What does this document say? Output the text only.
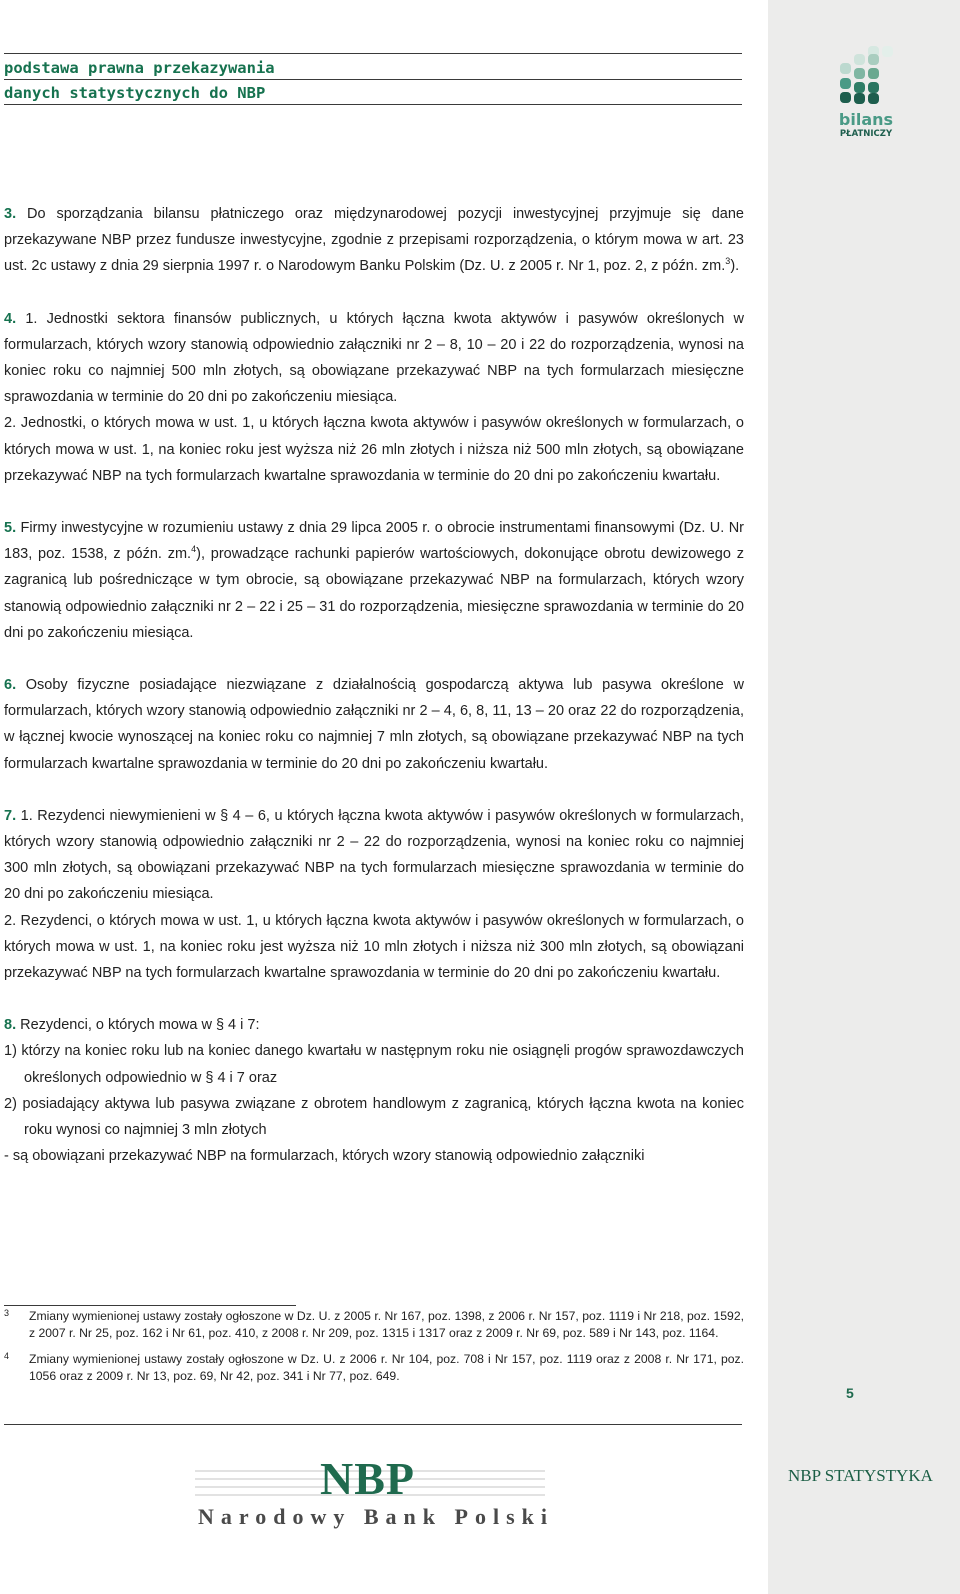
bilans
PŁATNICZY
5
NBP STATYSTYKA
podstawa prawna przekazywania
danych statystycznych do NBP

3. Do sporządzania bilansu płatniczego oraz międzynarodowej pozycji inwestycyjnej przyjmuje się dane przekazywane NBP przez fundusze inwestycyjne, zgodnie z przepisami rozporządzenia, o którym mowa w art. 23 ust. 2c ustawy z dnia 29 sierpnia 1997 r. o Narodowym Banku Polskim (Dz. U. z 2005 r. Nr 1, poz. 2, z późn. zm.$^3$).

4. 1. Jednostki sektora finansów publicznych, u których łączna kwota aktywów i pasywów określonych w formularzach, których wzory stanowią odpowiednio załączniki nr 2 – 8, 10 – 20 i 22 do rozporządzenia, wynosi na koniec roku co najmniej 500 mln złotych, są obowiązane przekazywać NBP na tych formularzach miesięczne sprawozdania w terminie do 20 dni po zakończeniu miesiąca.

2. Jednostki, o których mowa w ust. 1, u których łączna kwota aktywów i pasywów określonych w formularzach, o których mowa w ust. 1, na koniec roku jest wyższa niż 26 mln złotych i niższa niż 500 mln złotych, są obowiązane przekazywać NBP na tych formularzach kwartalne sprawozdania w terminie do 20 dni po zakończeniu kwartału.

5. Firmy inwestycyjne w rozumieniu ustawy z dnia 29 lipca 2005 r. o obrocie instrumentami finansowymi (Dz. U. Nr 183, poz. 1538, z późn. zm.$^4$), prowadzące rachunki papierów wartościowych, dokonujące obrotu dewizowego z zagranicą lub pośredniczące w tym obrocie, są obowiązane przekazywać NBP na formularzach, których wzory stanowią odpowiednio załączniki nr 2 – 22 i 25 – 31 do rozporządzenia, miesięczne sprawozdania w terminie do 20 dni po zakończeniu miesiąca.

6. Osoby fizyczne posiadające niezwiązane z działalnością gospodarczą aktywa lub pasywa określone w formularzach, których wzory stanowią odpowiednio załączniki nr 2 – 4, 6, 8, 11, 13 – 20 oraz 22 do rozporządzenia, w łącznej kwocie wynoszącej na koniec roku co najmniej 7 mln złotych, są obowiązane przekazywać NBP na tych formularzach kwartalne sprawozdania w terminie do 20 dni po zakończeniu kwartału.

7. 1. Rezydenci niewymienieni w § 4 – 6, u których łączna kwota aktywów i pasywów określonych w formularzach, których wzory stanowią odpowiednio załączniki nr 2 – 22 do rozporządzenia, wynosi na koniec roku co najmniej 300 mln złotych, są obowiązani przekazywać NBP na tych formularzach miesięczne sprawozdania w terminie do 20 dni po zakończeniu miesiąca.

2. Rezydenci, o których mowa w ust. 1, u których łączna kwota aktywów i pasywów określonych w formularzach, o których mowa w ust. 1, na koniec roku jest wyższa niż 10 mln złotych i niższa niż 300 mln złotych, są obowiązani przekazywać NBP na tych formularzach kwartalne sprawozdania w terminie do 20 dni po zakończeniu kwartału.

8. Rezydenci, o których mowa w § 4 i 7:

1) którzy na koniec roku lub na koniec danego kwartału w następnym roku nie osiągnęli progów sprawozdawczych określonych odpowiednio w § 4 i 7 oraz

2) posiadający aktywa lub pasywa związane z obrotem handlowym z zagranicą, których łączna kwota na koniec roku wynosi co najmniej 3 mln złotych

- są obowiązani przekazywać NBP na formularzach, których wzory stanowią odpowiednio załączniki

3 Zmiany wymienionej ustawy zostały ogłoszone w Dz. U. z 2005 r. Nr 167, poz. 1398, z 2006 r. Nr 157, poz. 1119 i Nr 218, poz. 1592, z 2007 r. Nr 25, poz. 162 i Nr 61, poz. 410, z 2008 r. Nr 209, poz. 1315 i 1317 oraz z 2009 r. Nr 69, poz. 589 i Nr 143, poz. 1164.
4 Zmiany wymienionej ustawy zostały ogłoszone w Dz. U. z 2006 r. Nr 104, poz. 708 i Nr 157, poz. 1119 oraz z 2008 r. Nr 171, poz. 1056 oraz z 2009 r. Nr 13, poz. 69, Nr 42, poz. 341 i Nr 77, poz. 649.
NBP
Narodowy Bank Polski
